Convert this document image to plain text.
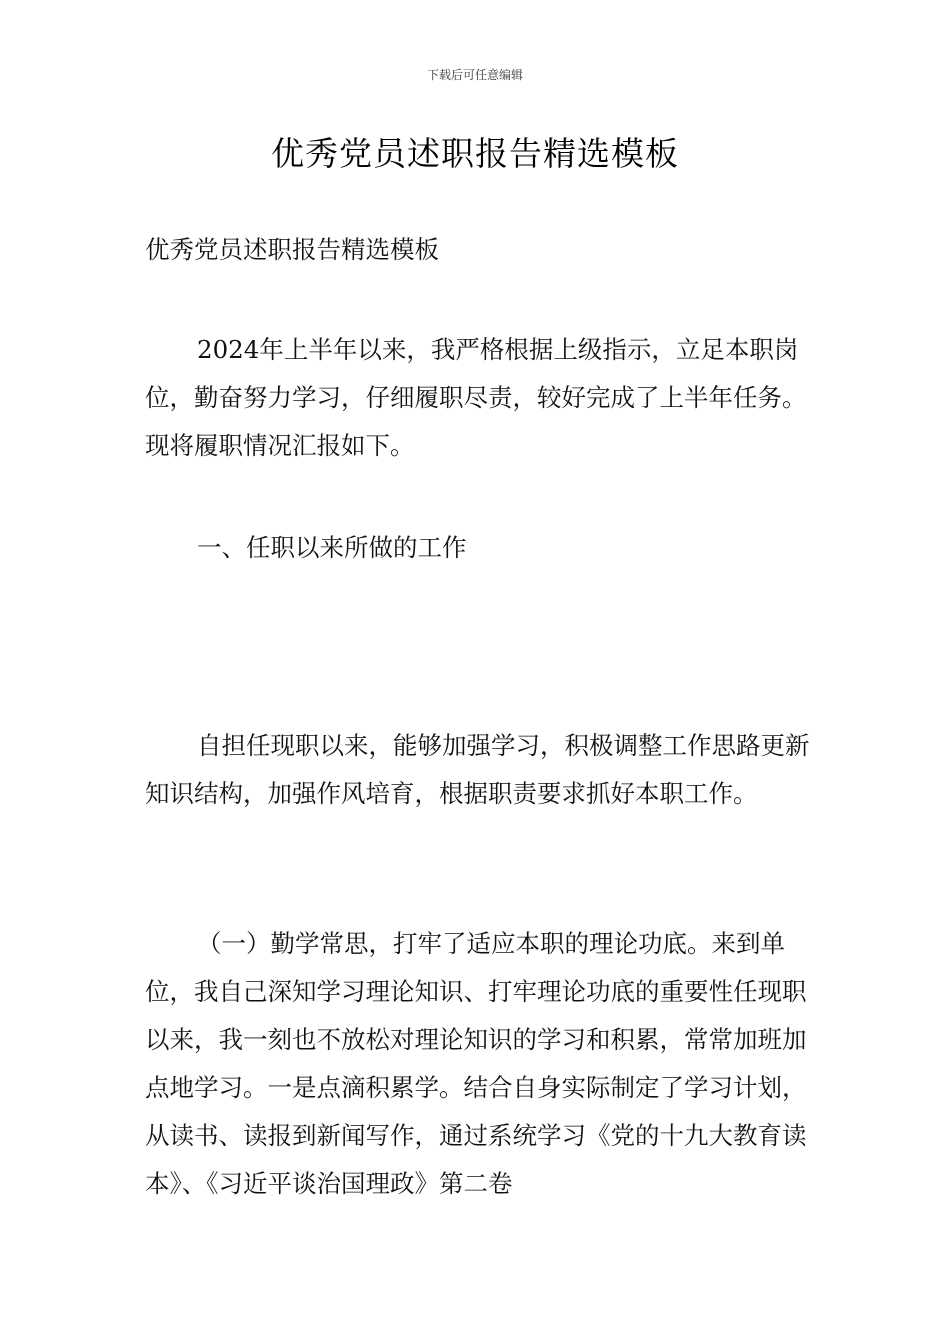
下载后可任意编辑
优秀党员述职报告精选模板

优秀党员述职报告精选模板

2024年上半年以来，我严格根据上级指示，立足本职岗位，勤奋努力学习，仔细履职尽责，较好完成了上半年任务。现将履职情况汇报如下。

一、任职以来所做的工作

自担任现职以来，能够加强学习，积极调整工作思路更新知识结构，加强作风培育，根据职责要求抓好本职工作。

（一）勤学常思，打牢了适应本职的理论功底。来到单位，我自己深知学习理论知识、打牢理论功底的重要性任现职以来，我一刻也不放松对理论知识的学习和积累，常常加班加点地学习。一是点滴积累学。结合自身实际制定了学习计划，从读书、读报到新闻写作，通过系统学习《党的十九大教育读本》、《习近平谈治国理政》第二卷
